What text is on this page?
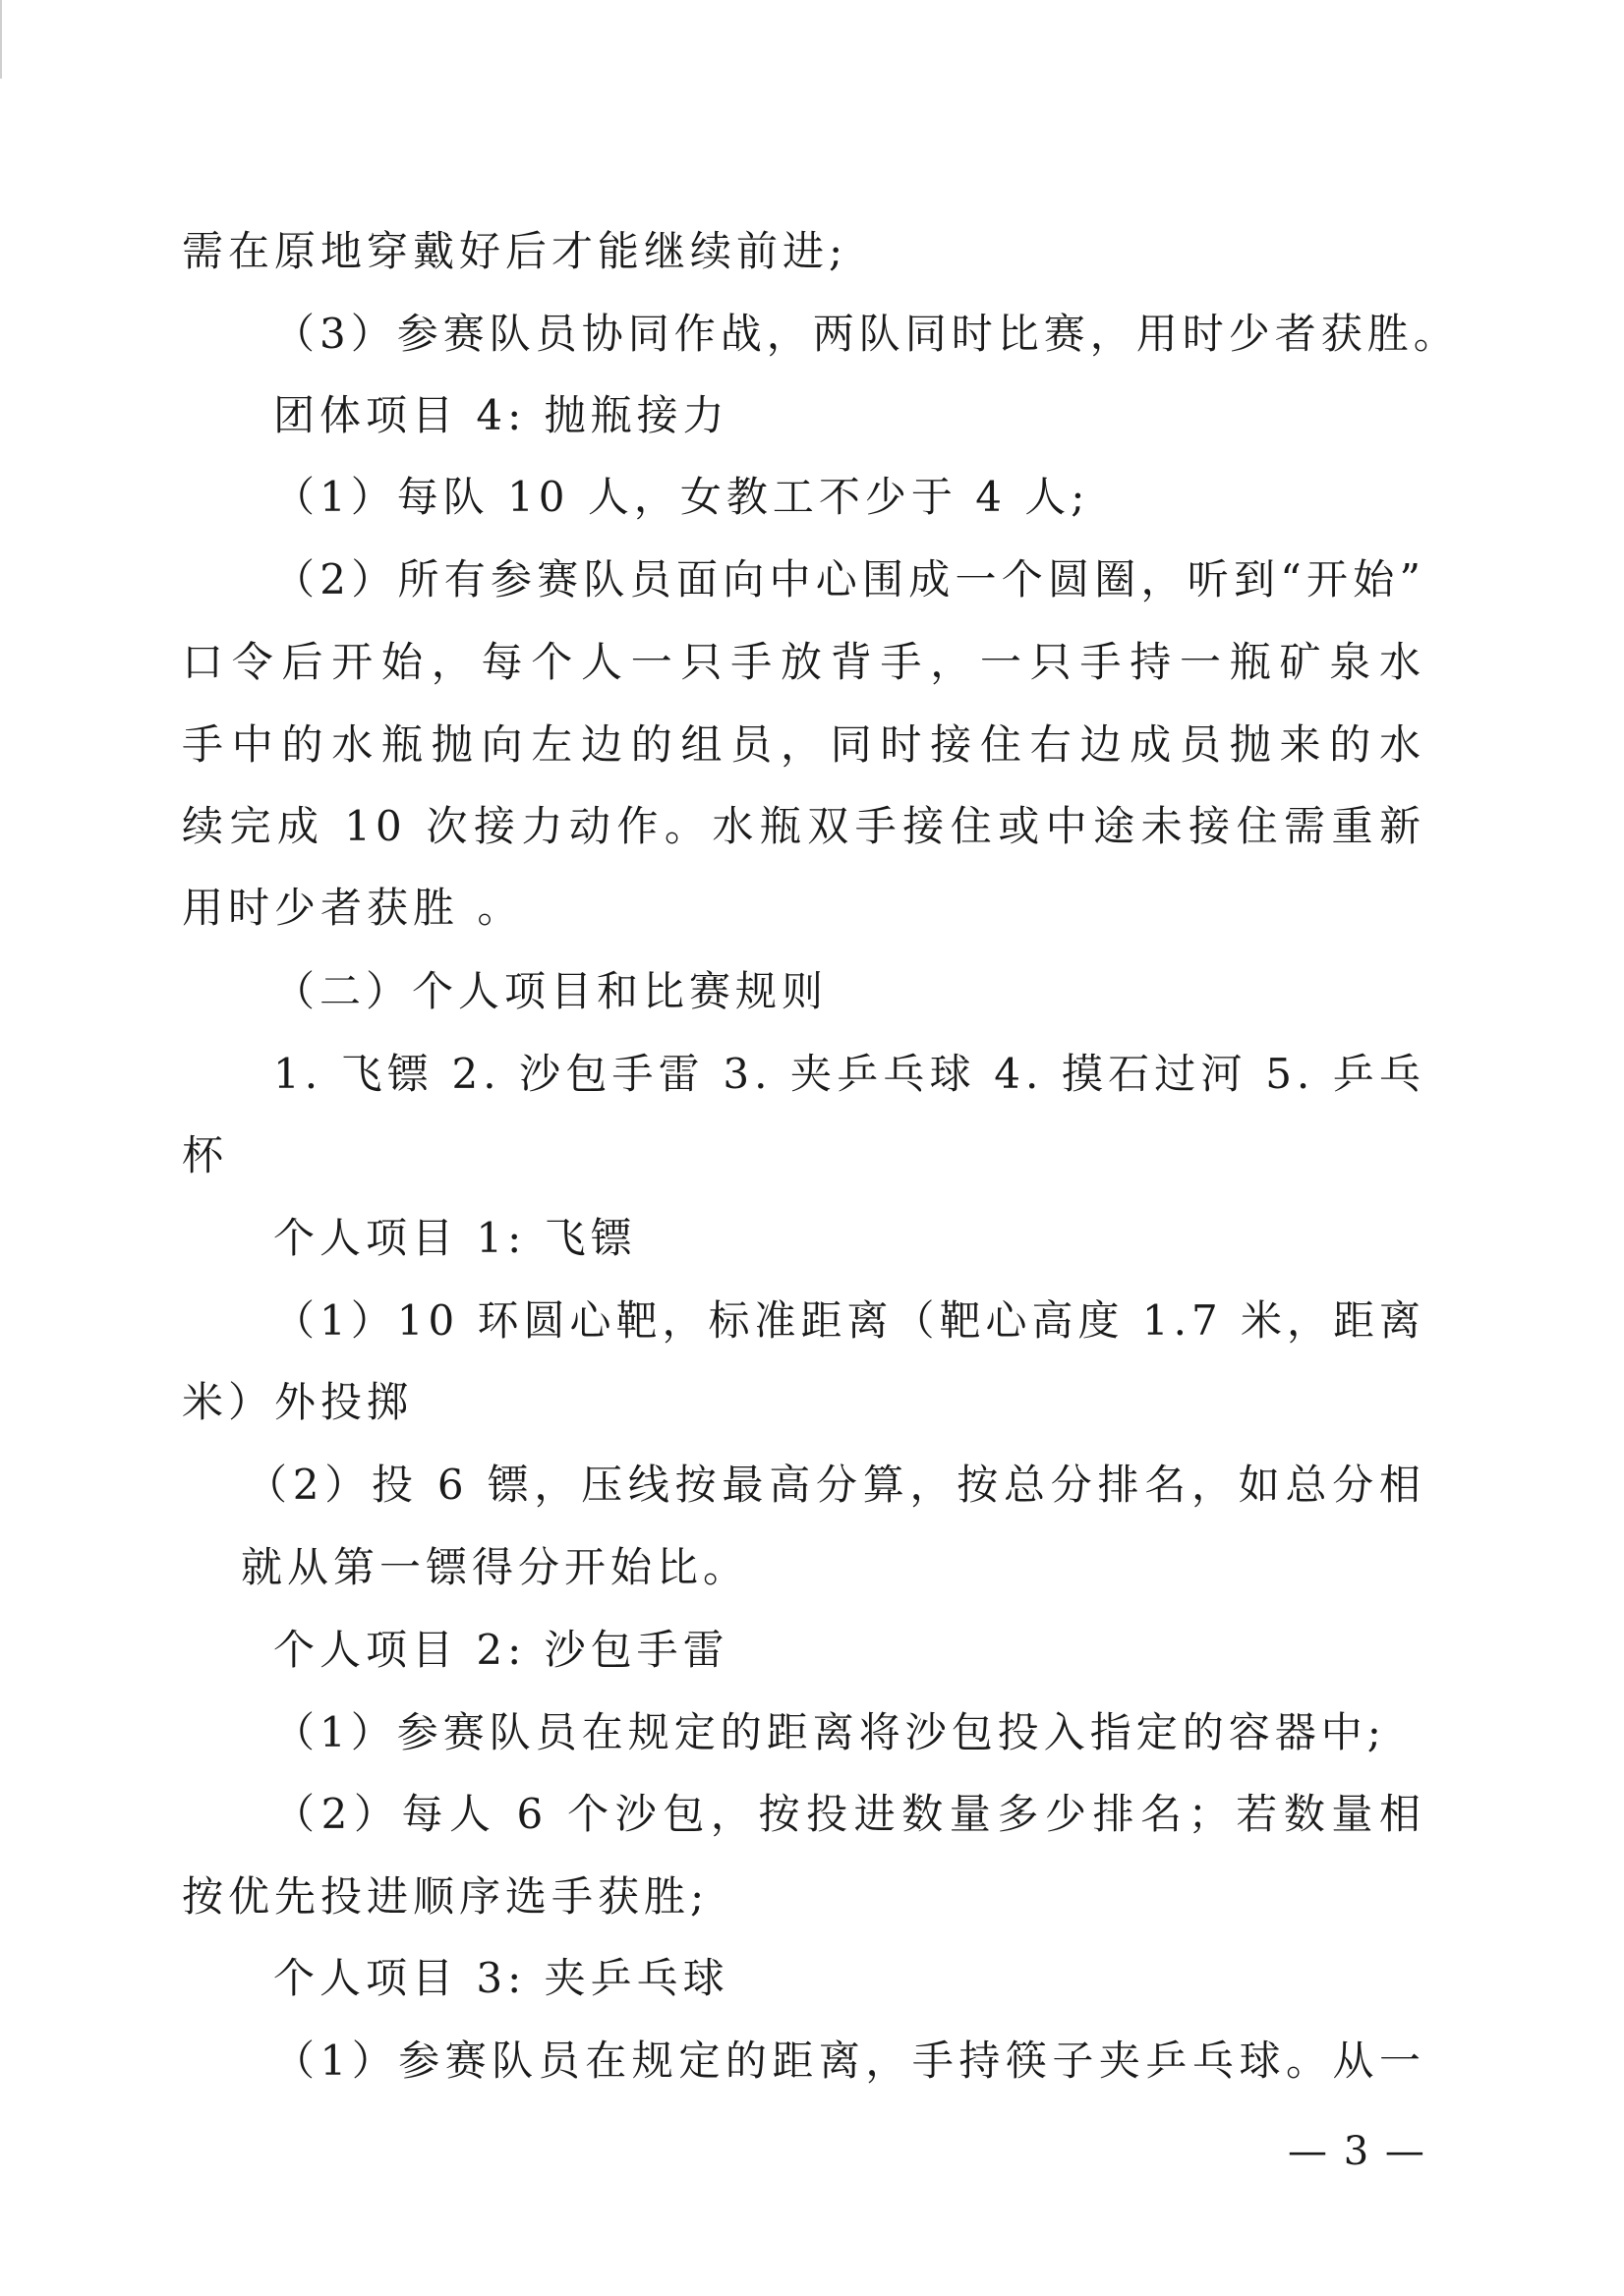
需在原地穿戴好后才能继续前进;
（3）参赛队员协同作战，两队同时比赛，用时少者获胜。
团体项目 4: 抛瓶接力
（1）每队 10 人，女教工不少于 4 人;
（2）所有参赛队员面向中心围成一个圆圈，听到“开始”
口令后开始，每个人一只手放背手，一只手持一瓶矿泉水
手中的水瓶抛向左边的组员，同时接住右边成员抛来的水
续完成 10 次接力动作。水瓶双手接住或中途未接住需重新
用时少者获胜 。
（二）个人项目和比赛规则
1. 飞镖 2. 沙包手雷 3. 夹乒乓球 4. 摸石过河 5. 乒乓
杯
个人项目 1: 飞镖
（1）10 环圆心靶，标准距离（靶心高度 1.7 米，距离
米）外投掷
（2）投 6 镖，压线按最高分算，按总分排名，如总分相
就从第一镖得分开始比。
个人项目 2: 沙包手雷
（1）参赛队员在规定的距离将沙包投入指定的容器中;
（2）每人 6 个沙包，按投进数量多少排名；若数量相
按优先投进顺序选手获胜;
个人项目 3: 夹乒乓球
（1）参赛队员在规定的距离，手持筷子夹乒乓球。从一
— 3 —
